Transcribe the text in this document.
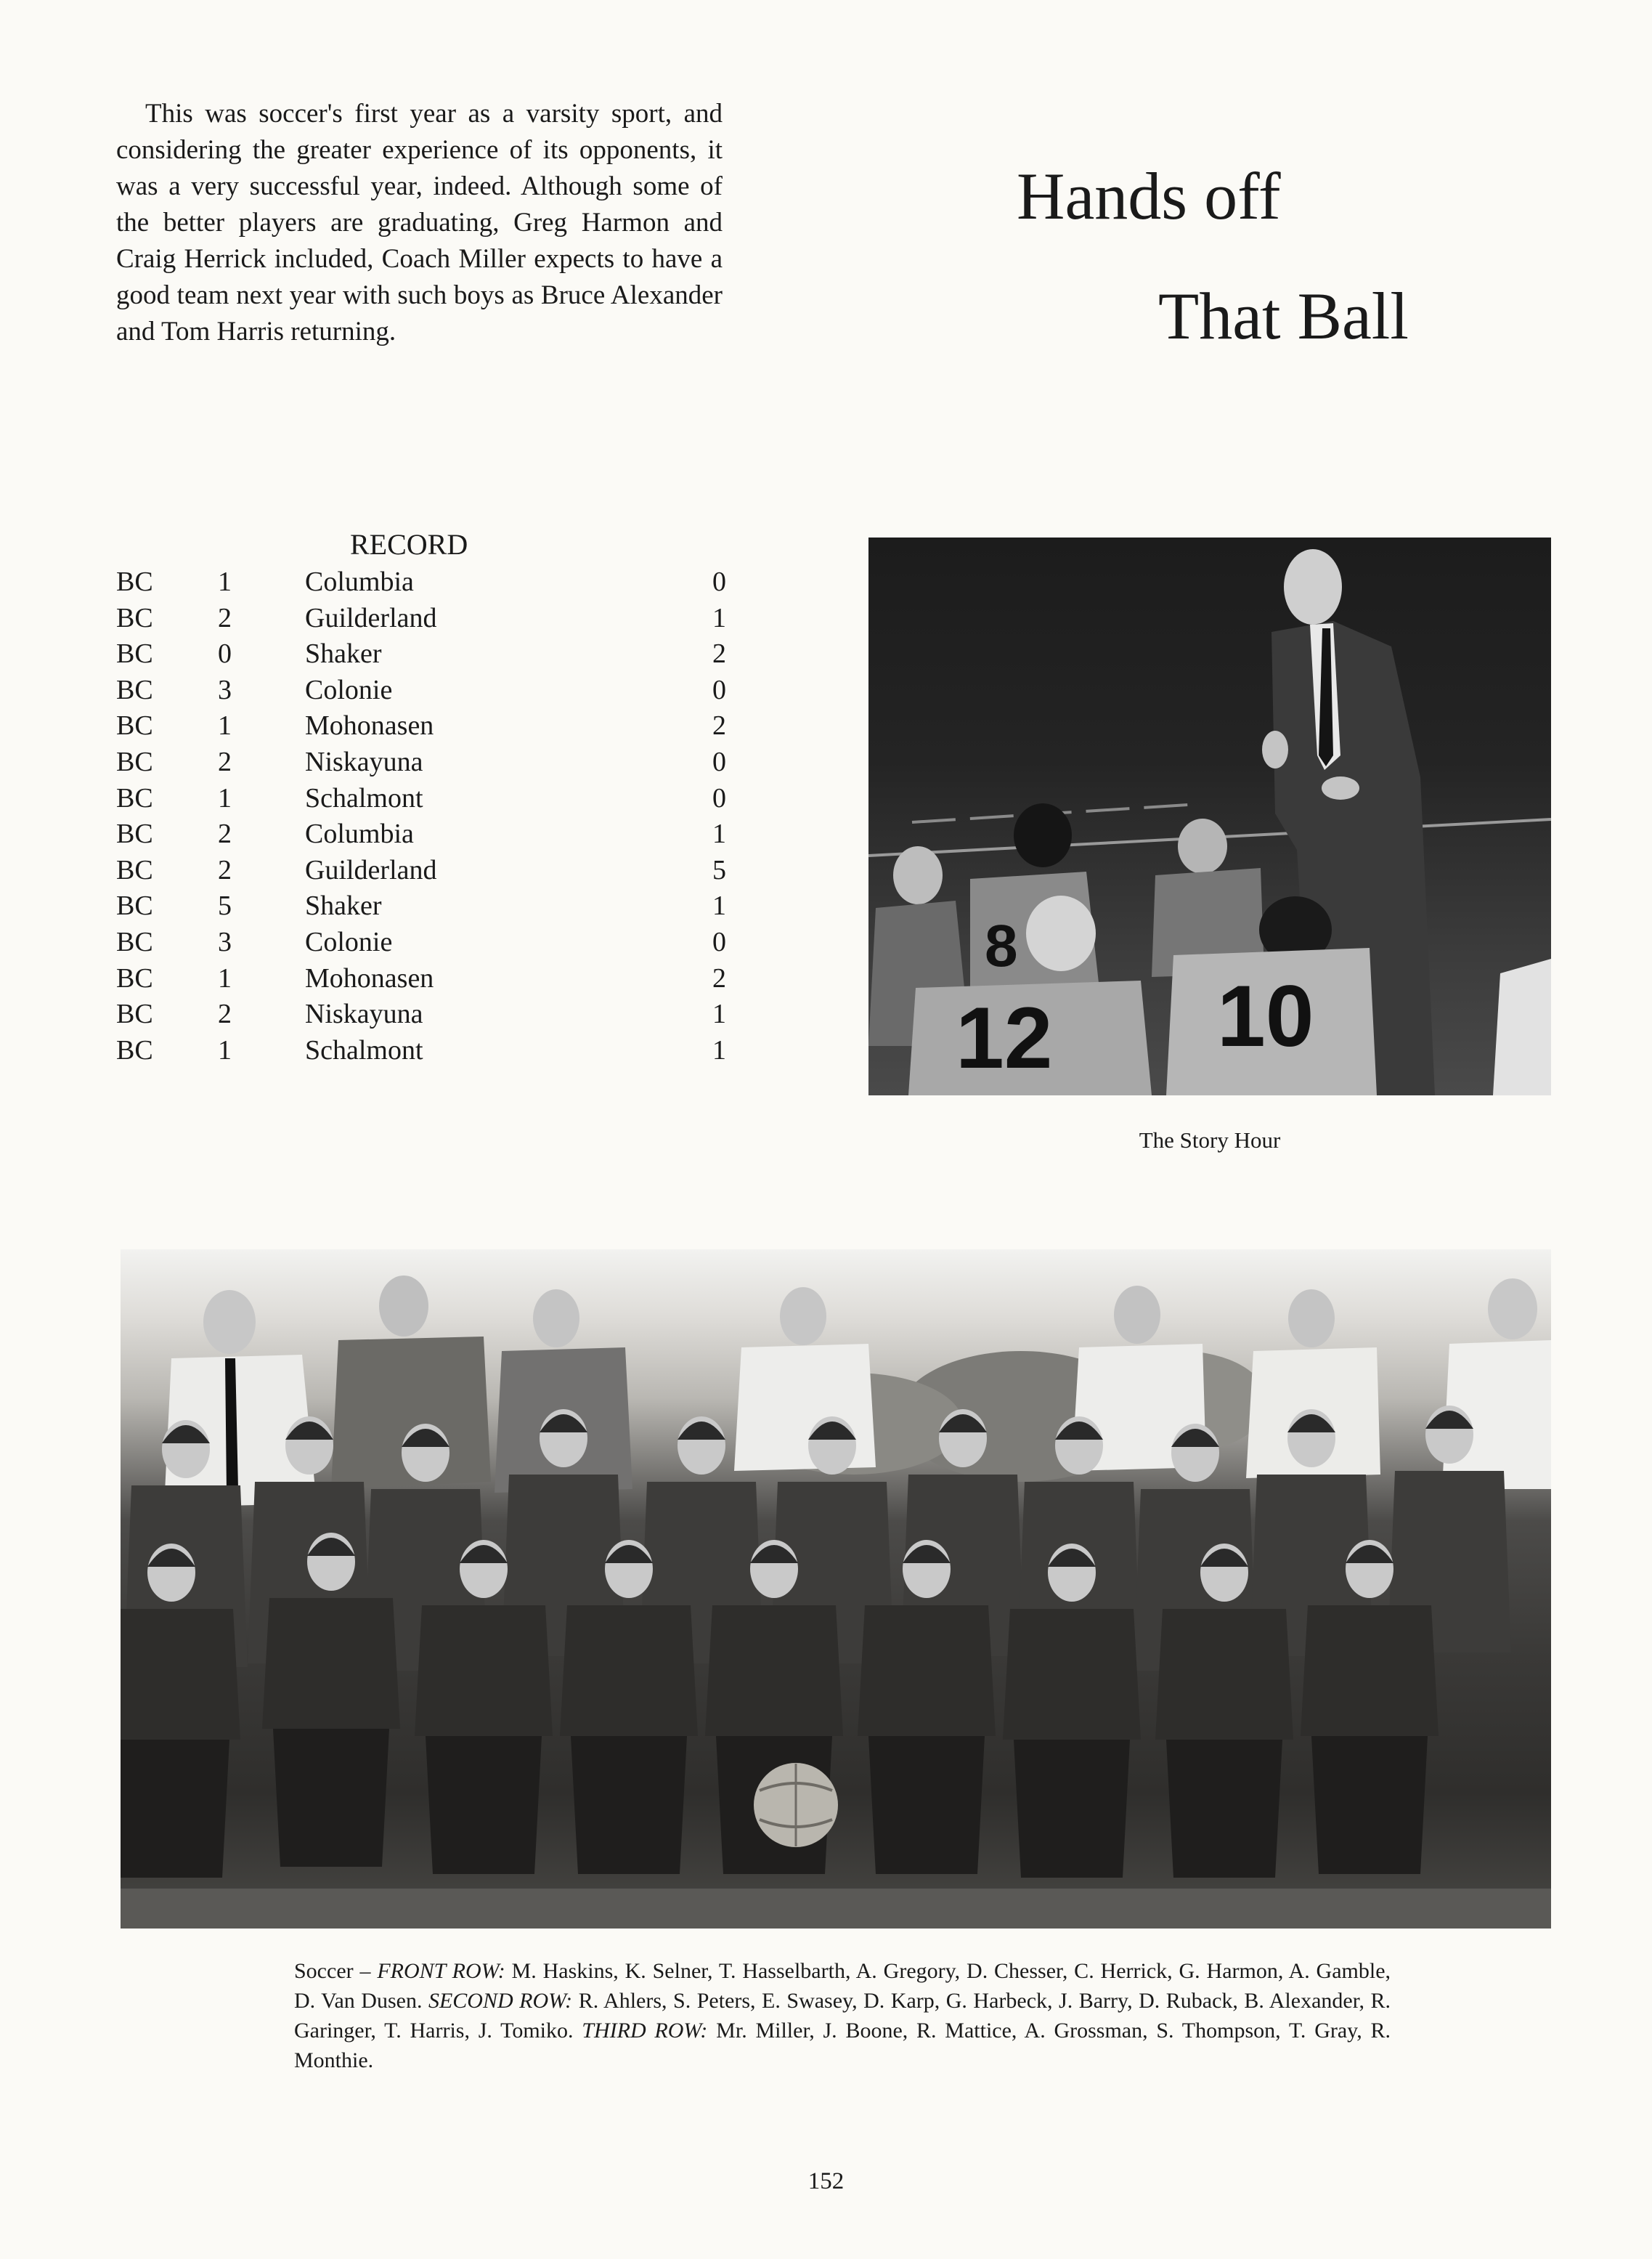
This was soccer's first year as a varsity sport, and considering the greater experience of its opponents, it was a very successful year, indeed. Although some of the better players are graduating, Greg Harmon and Craig Herrick included, Coach Miller expects to have a good team next year with such boys as Bruce Alexander and Tom Harris returning.

Hands off
That Ball
RECORD
BC	1	Columbia	0
BC	2	Guilderland	1
BC	0	Shaker	2
BC	3	Colonie	0
BC	1	Mohonasen	2
BC	2	Niskayuna	0
BC	1	Schalmont	0
BC	2	Columbia	1
BC	2	Guilderland	5
BC	5	Shaker	1
BC	3	Colonie	0
BC	1	Mohonasen	2
BC	2	Niskayuna	1
BC	1	Schalmont	1
8
12 10
The Story Hour

Soccer – FRONT ROW: M. Haskins, K. Selner, T. Hasselbarth, A. Gregory, D. Chesser, C. Herrick, G. Harmon, A. Gamble, D. Van Dusen. SECOND ROW: R. Ahlers, S. Peters, E. Swasey, D. Karp, G. Harbeck, J. Barry, D. Ruback, B. Alexander, R. Garinger, T. Harris, J. Tomiko. THIRD ROW: Mr. Miller, J. Boone, R. Mattice, A. Grossman, S. Thompson, T. Gray, R. Monthie.

152
